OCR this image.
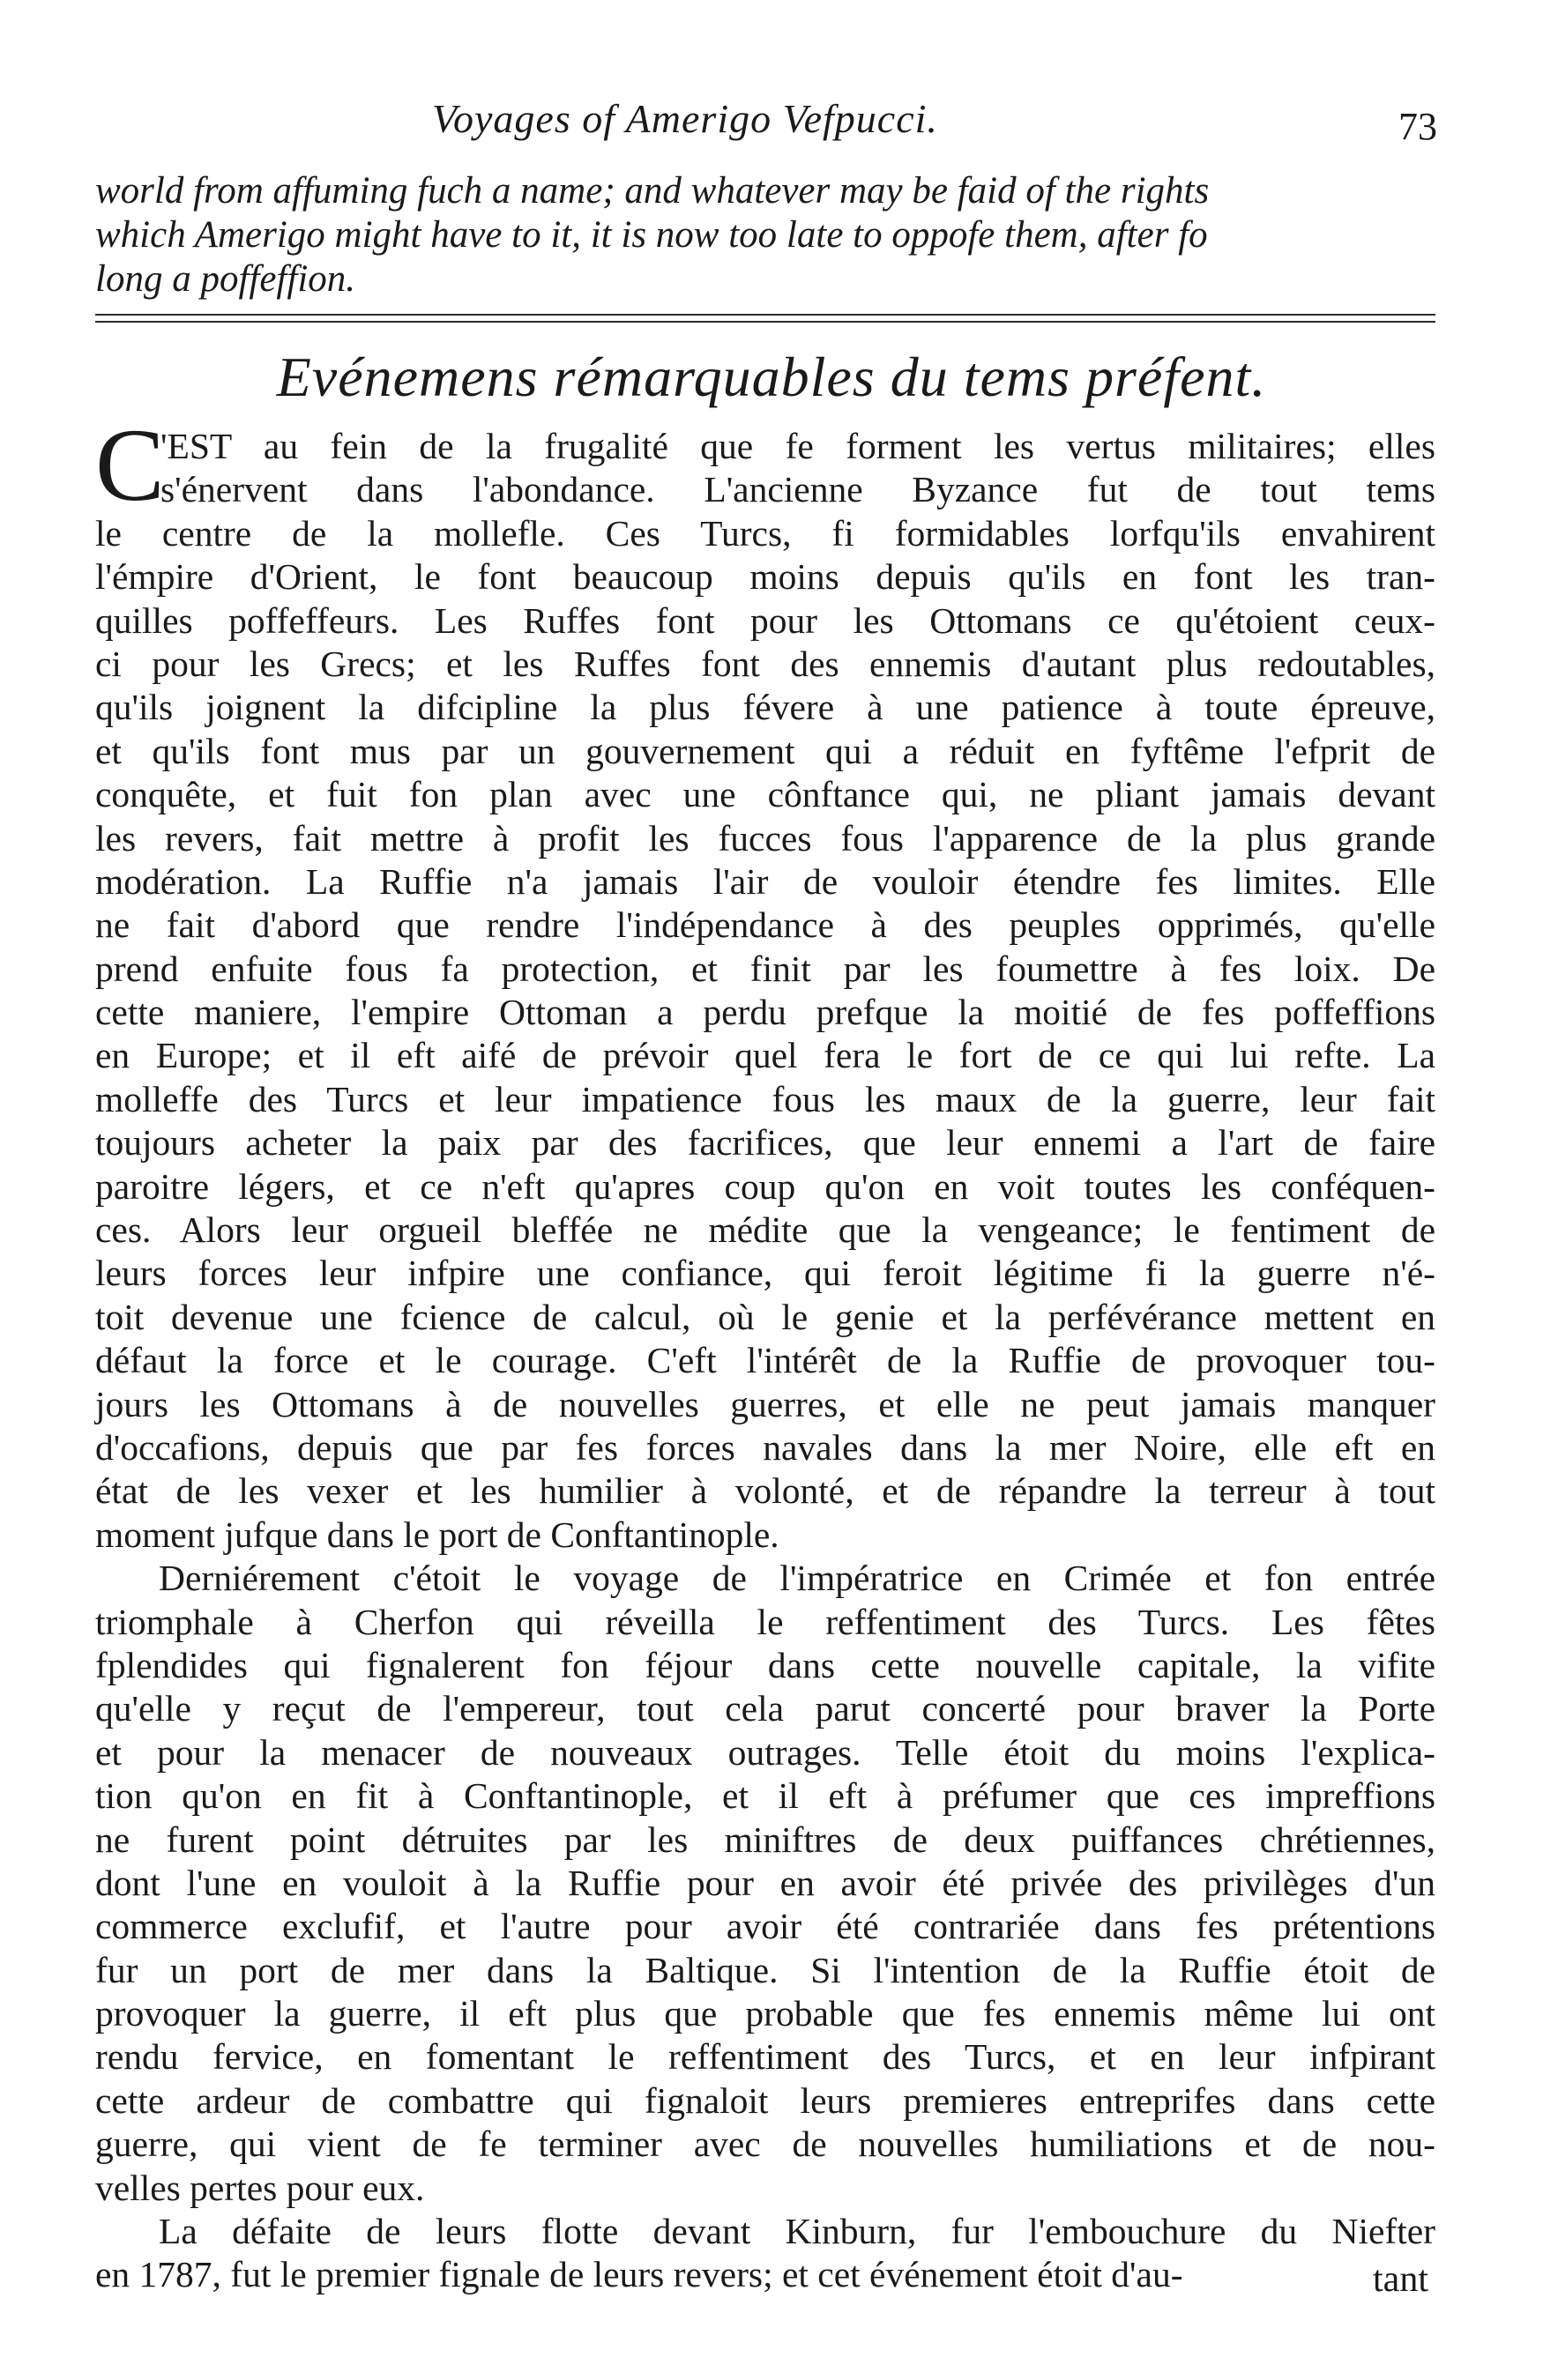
Voyages of Amerigo Vefpucci.	73
world from affuming fuch a name; and whatever may be faid of the rights
which Amerigo might have to it, it is now too late to oppofe them, after fo
long a poffeffion.
Evénemens rémarquables du tems préfent.
C
'EST au fein de la frugalité que fe forment les vertus militaires; elles
s'énervent dans l'abondance. L'ancienne Byzance fut de tout tems
le centre de la mollefle. Ces Turcs, fi formidables lorfqu'ils envahirent
l'émpire d'Orient, le font beaucoup moins depuis qu'ils en font les tran-
quilles poffeffeurs. Les Ruffes font pour les Ottomans ce qu'étoient ceux-
ci pour les Grecs; et les Ruffes font des ennemis d'autant plus redoutables,
qu'ils joignent la difcipline la plus févere à une patience à toute épreuve,
et qu'ils font mus par un gouvernement qui a réduit en fyftême l'efprit de
conquête, et fuit fon plan avec une cônftance qui, ne pliant jamais devant
les revers, fait mettre à profit les fucces fous l'apparence de la plus grande
modération. La Ruffie n'a jamais l'air de vouloir étendre fes limites. Elle
ne fait d'abord que rendre l'indépendance à des peuples opprimés, qu'elle
prend enfuite fous fa protection, et finit par les foumettre à fes loix. De
cette maniere, l'empire Ottoman a perdu prefque la moitié de fes poffeffions
en Europe; et il eft aifé de prévoir quel fera le fort de ce qui lui refte. La
molleffe des Turcs et leur impatience fous les maux de la guerre, leur fait
toujours acheter la paix par des facrifices, que leur ennemi a l'art de faire
paroitre légers, et ce n'eft qu'apres coup qu'on en voit toutes les conféquen-
ces. Alors leur orgueil bleffée ne médite que la vengeance; le fentiment de
leurs forces leur infpire une confiance, qui feroit légitime fi la guerre n'é-
toit devenue une fcience de calcul, où le genie et la perfévérance mettent en
défaut la force et le courage. C'eft l'intérêt de la Ruffie de provoquer tou-
jours les Ottomans à de nouvelles guerres, et elle ne peut jamais manquer
d'occafions, depuis que par fes forces navales dans la mer Noire, elle eft en
état de les vexer et les humilier à volonté, et de répandre la terreur à tout
moment jufque dans le port de Conftantinople.
Derniérement c'étoit le voyage de l'impératrice en Crimée et fon entrée
triomphale à Cherfon qui réveilla le reffentiment des Turcs. Les fêtes
fplendides qui fignalerent fon féjour dans cette nouvelle capitale, la vifite
qu'elle y reçut de l'empereur, tout cela parut concerté pour braver la Porte
et pour la menacer de nouveaux outrages. Telle étoit du moins l'explica-
tion qu'on en fit à Conftantinople, et il eft à préfumer que ces impreffions
ne furent point détruites par les miniftres de deux puiffances chrétiennes,
dont l'une en vouloit à la Ruffie pour en avoir été privée des privilèges d'un
commerce exclufif, et l'autre pour avoir été contrariée dans fes prétentions
fur un port de mer dans la Baltique. Si l'intention de la Ruffie étoit de
provoquer la guerre, il eft plus que probable que fes ennemis même lui ont
rendu fervice, en fomentant le reffentiment des Turcs, et en leur infpirant
cette ardeur de combattre qui fignaloit leurs premieres entreprifes dans cette
guerre, qui vient de fe terminer avec de nouvelles humiliations et de nou-
velles pertes pour eux.
La défaite de leurs flotte devant Kinburn, fur l'embouchure du Niefter
en 1787, fut le premier fignale de leurs revers; et cet événement étoit d'au-	tant
